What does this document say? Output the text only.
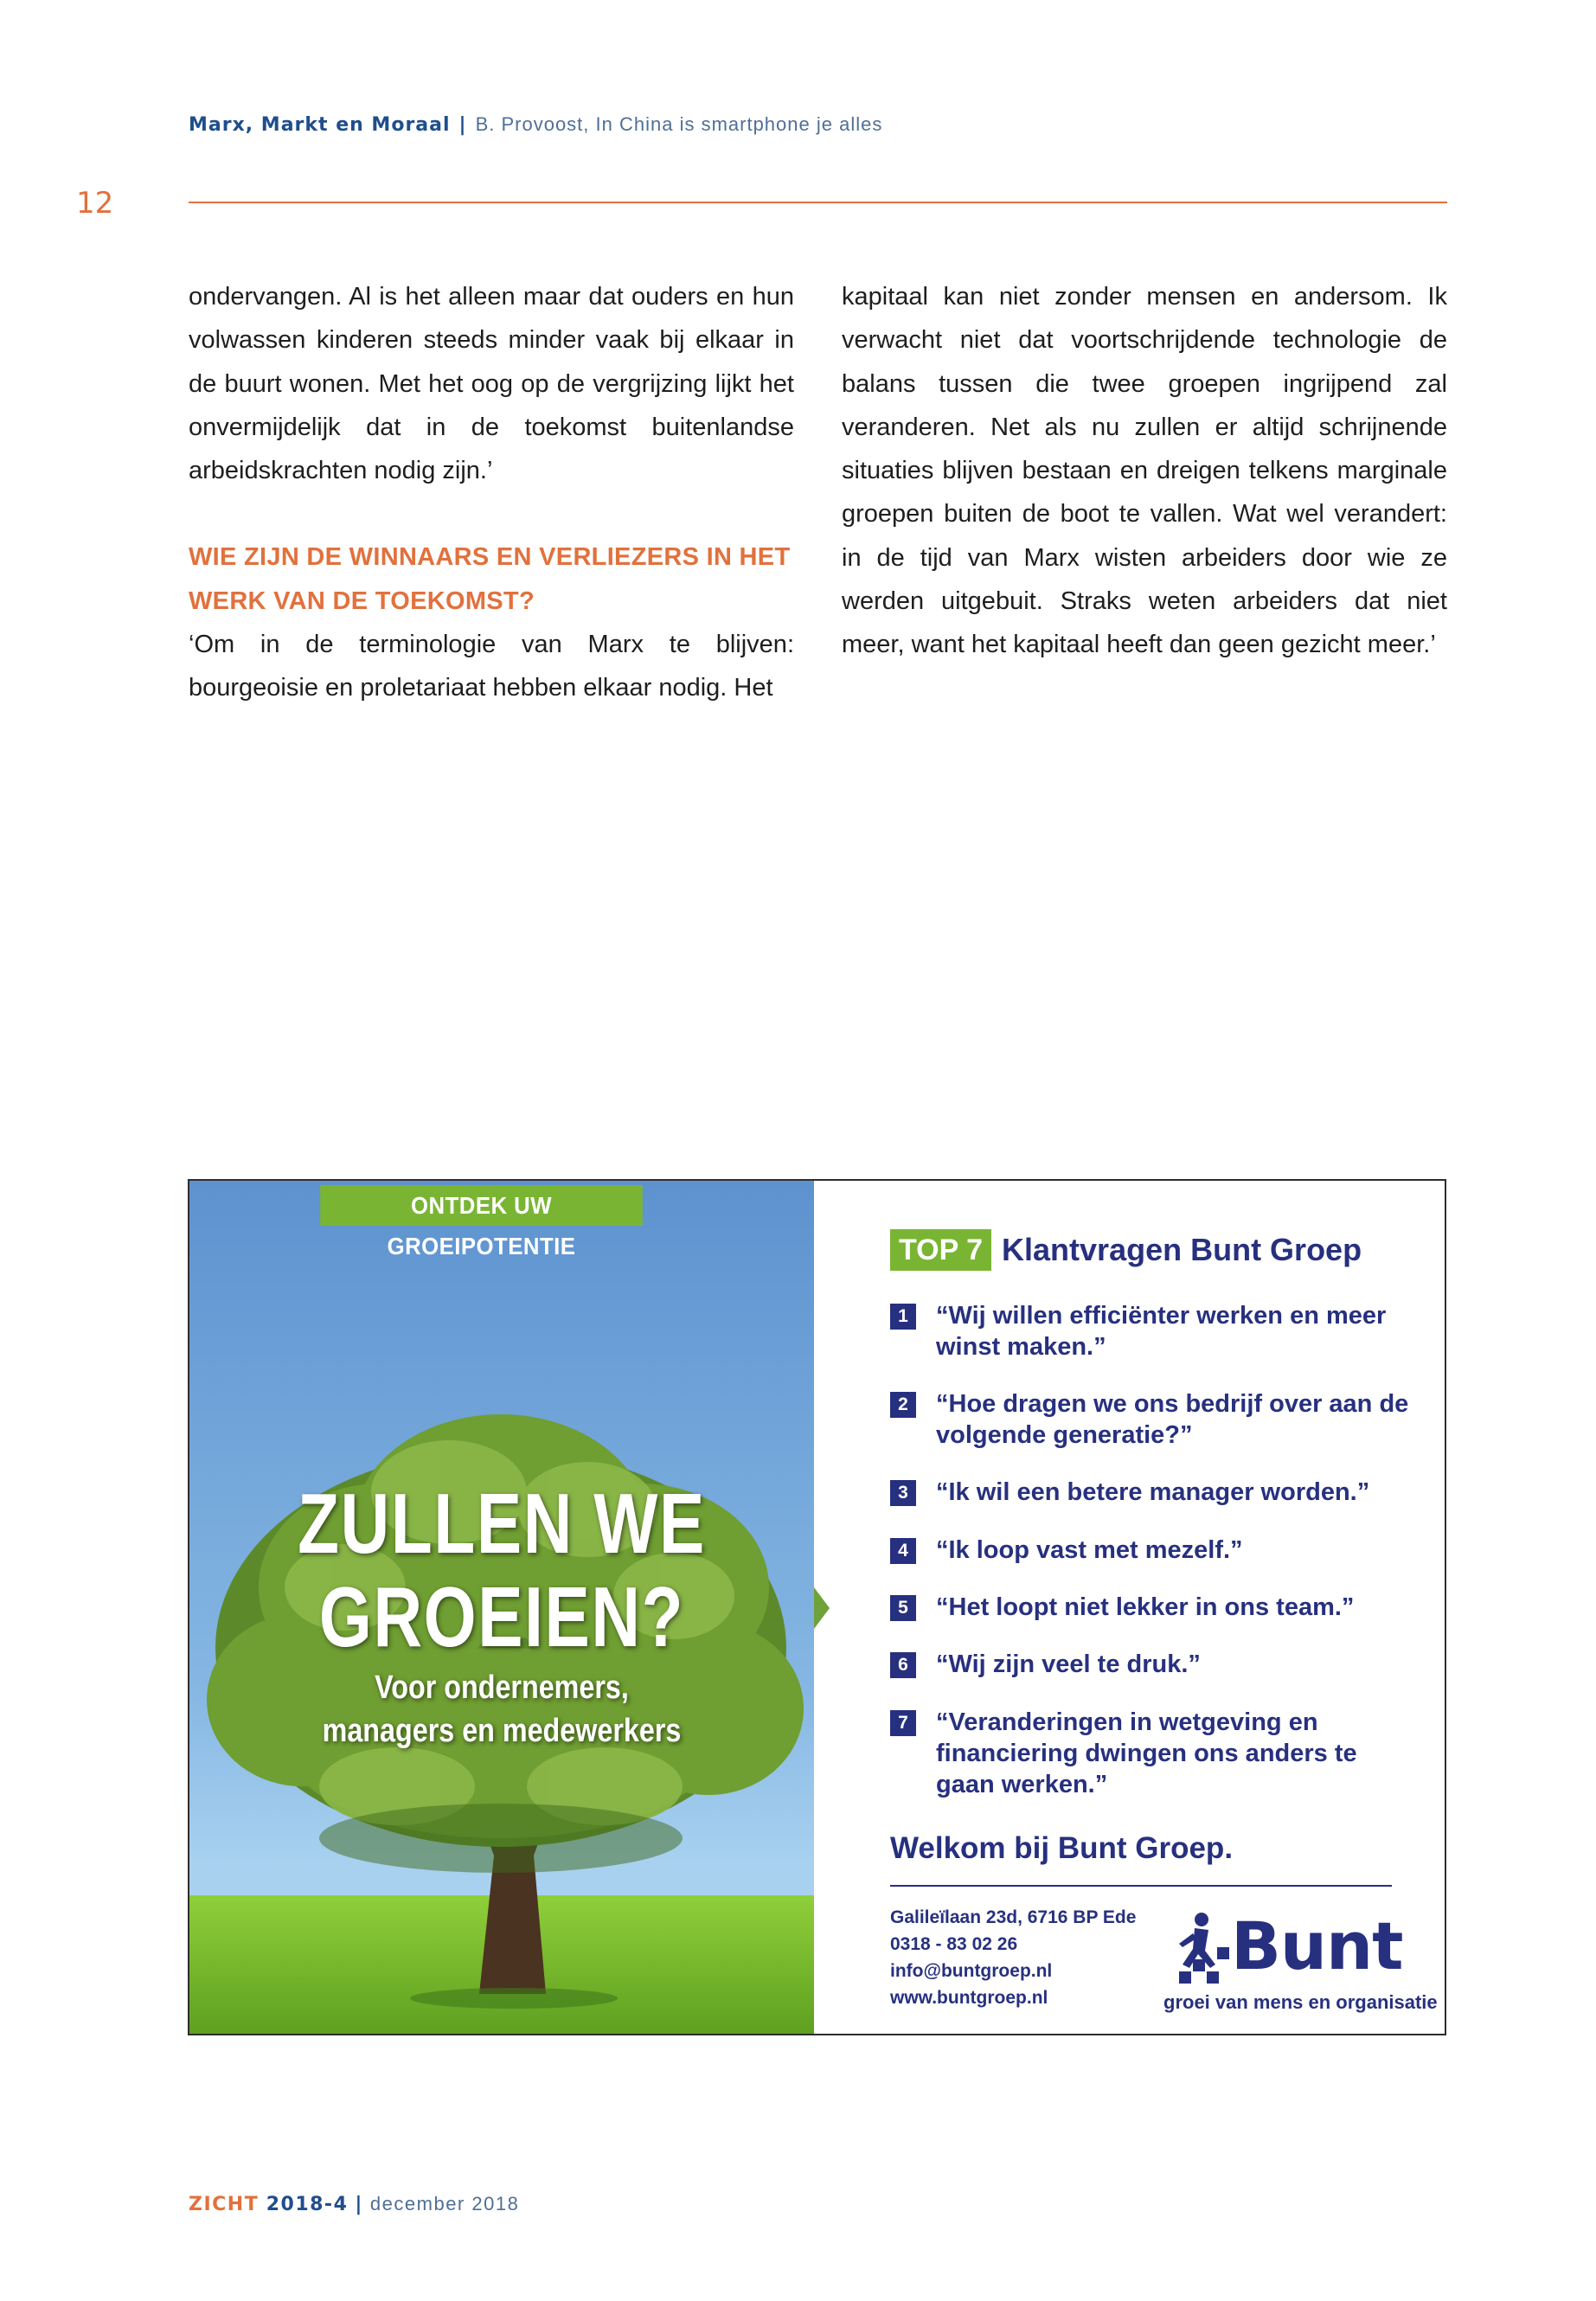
Marx, Markt en Moraal | B. Provoost, In China is smartphone je alles
12

ondervangen. Al is het alleen maar dat ouders en hun volwassen kinderen steeds minder vaak bij elkaar in de buurt wonen. Met het oog op de vergrijzing lijkt het onvermijdelijk dat in de toekomst buitenlandse arbeidskrachten nodig zijn.’

WIE ZIJN DE WINNAARS EN VERLIEZERS IN HET WERK VAN DE TOEKOMST?

‘Om in de terminologie van Marx te blijven: bourgeoisie en proletariaat hebben elkaar nodig. Het

kapitaal kan niet zonder mensen en andersom. Ik verwacht niet dat voortschrijdende technologie de balans tussen die twee groepen ingrijpend zal veranderen. Net als nu zullen er altijd schrijnende situaties blijven bestaan en dreigen telkens marginale groepen buiten de boot te vallen. Wat wel verandert: in de tijd van Marx wisten arbeiders door wie ze werden uitgebuit. Straks weten arbeiders dat niet meer, want het kapitaal heeft dan geen gezicht meer.’

ONTDEK UW GROEIPOTENTIE
ZULLEN WE
GROEIEN?
Voor ondernemers,
managers en medewerkers
TOP 7 Klantvragen Bunt Groep
1	“Wij willen efficiënter werken en meer winst maken.”
2	“Hoe dragen we ons bedrijf over aan de volgende generatie?”
3	“Ik wil een betere manager worden.”
4	“Ik loop vast met mezelf.”
5	“Het loopt niet lekker in ons team.”
6	“Wij zijn veel te druk.”
7	“Veranderingen in wetgeving en financiering dwingen ons anders te gaan werken.”
Welkom bij Bunt Groep.
Galileïlaan 23d, 6716 BP Ede
0318 - 83 02 26
info@buntgroep.nl
www.buntgroep.nl
Bunt
groei van mens en organisatie
ZICHT 2018-4 | december 2018
